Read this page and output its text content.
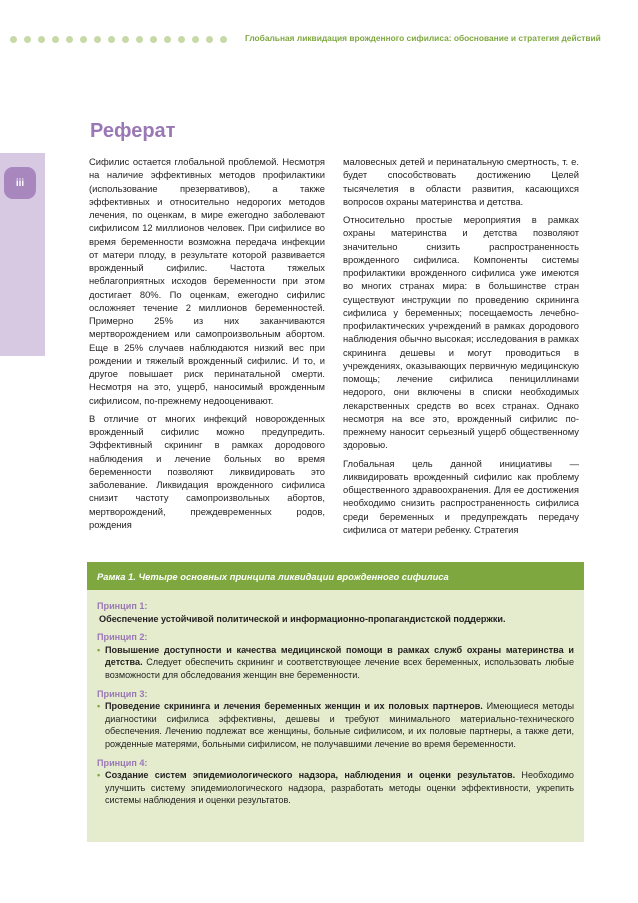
Глобальная ликвидация врожденного сифилиса: обоснование и стратегия действий
iii
Реферат

Сифилис остается глобальной проблемой. Несмотря на наличие эффективных методов профилактики (использование презервативов), а также эффективных и относительно недорогих методов лечения, по оценкам, в мире ежегодно заболевают сифилисом 12 миллионов человек. При сифилисе во время беременности возможна передача инфекции от матери плоду, в результате которой развивается врожденный сифилис. Частота тяжелых неблагоприятных исходов беременности при этом достигает 80%. По оценкам, ежегодно сифилис осложняет течение 2 миллионов беременностей. Примерно 25% из них заканчиваются мертворождением или самопроизвольным абортом. Еще в 25% случаев наблюдаются низкий вес при рождении и тяжелый врожденный сифилис. И то, и другое повышает риск перинатальной смерти. Несмотря на это, ущерб, наносимый врожденным сифилисом, по-прежнему недооценивают.

В отличие от многих инфекций новорожденных врожденный сифилис можно предупредить. Эффективный скрининг в рамках дородового наблюдения и лечение больных во время беременности позволяют ликвидировать это заболевание. Ликвидация врожденного сифилиса снизит частоту самопроизвольных абортов, мертворождений, преждевременных родов, рождения

маловесных детей и перинатальную смертность, т. е. будет способствовать достижению Целей тысячелетия в области развития, касающихся вопросов охраны материнства и детства.

Относительно простые мероприятия в рамках охраны материнства и детства позволяют значительно снизить распространенность врожденного сифилиса. Компоненты системы профилактики врожденного сифилиса уже имеются во многих странах мира: в большинстве стран существуют инструкции по проведению скрининга сифилиса у беременных; посещаемость лечебно-профилактических учреждений в рамках дородового наблюдения обычно высокая; исследования в рамках скрининга дешевы и могут проводиться в учреждениях, оказывающих первичную медицинскую помощь; лечение сифилиса пенициллинами недорого, они включены в списки необходимых лекарственных средств во всех странах. Однако несмотря на все это, врожденный сифилис по-прежнему наносит серьезный ущерб общественному здоровью.

Глобальная цель данной инициативы — ликвидировать врожденный сифилис как проблему общественного здравоохранения. Для ее достижения необходимо снизить распространенность сифилиса среди беременных и предупреждать передачу сифилиса от матери ребенку. Стратегия

Рамка 1. Четыре основных принципа ликвидации врожденного сифилиса
Принцип 1:
Обеспечение устойчивой политической и информационно-пропагандистской поддержки.
Принцип 2:
• Повышение доступности и качества медицинской помощи в рамках служб охраны материнства и детства. Следует обеспечить скрининг и соответствующее лечение всех беременных, использовать любые возможности для обследования женщин вне беременности.
Принцип 3:
• Проведение скрининга и лечения беременных женщин и их половых партнеров. Имеющиеся методы диагностики сифилиса эффективны, дешевы и требуют минимального материально-технического обеспечения. Лечению подлежат все женщины, больные сифилисом, и их половые партнеры, а также дети, рожденные матерями, больными сифилисом, не получавшими лечение во время беременности.
Принцип 4:
• Создание систем эпидемиологического надзора, наблюдения и оценки результатов. Необходимо улучшить систему эпидемиологического надзора, разработать методы оценки эффективности, укрепить системы наблюдения и оценки результатов.
